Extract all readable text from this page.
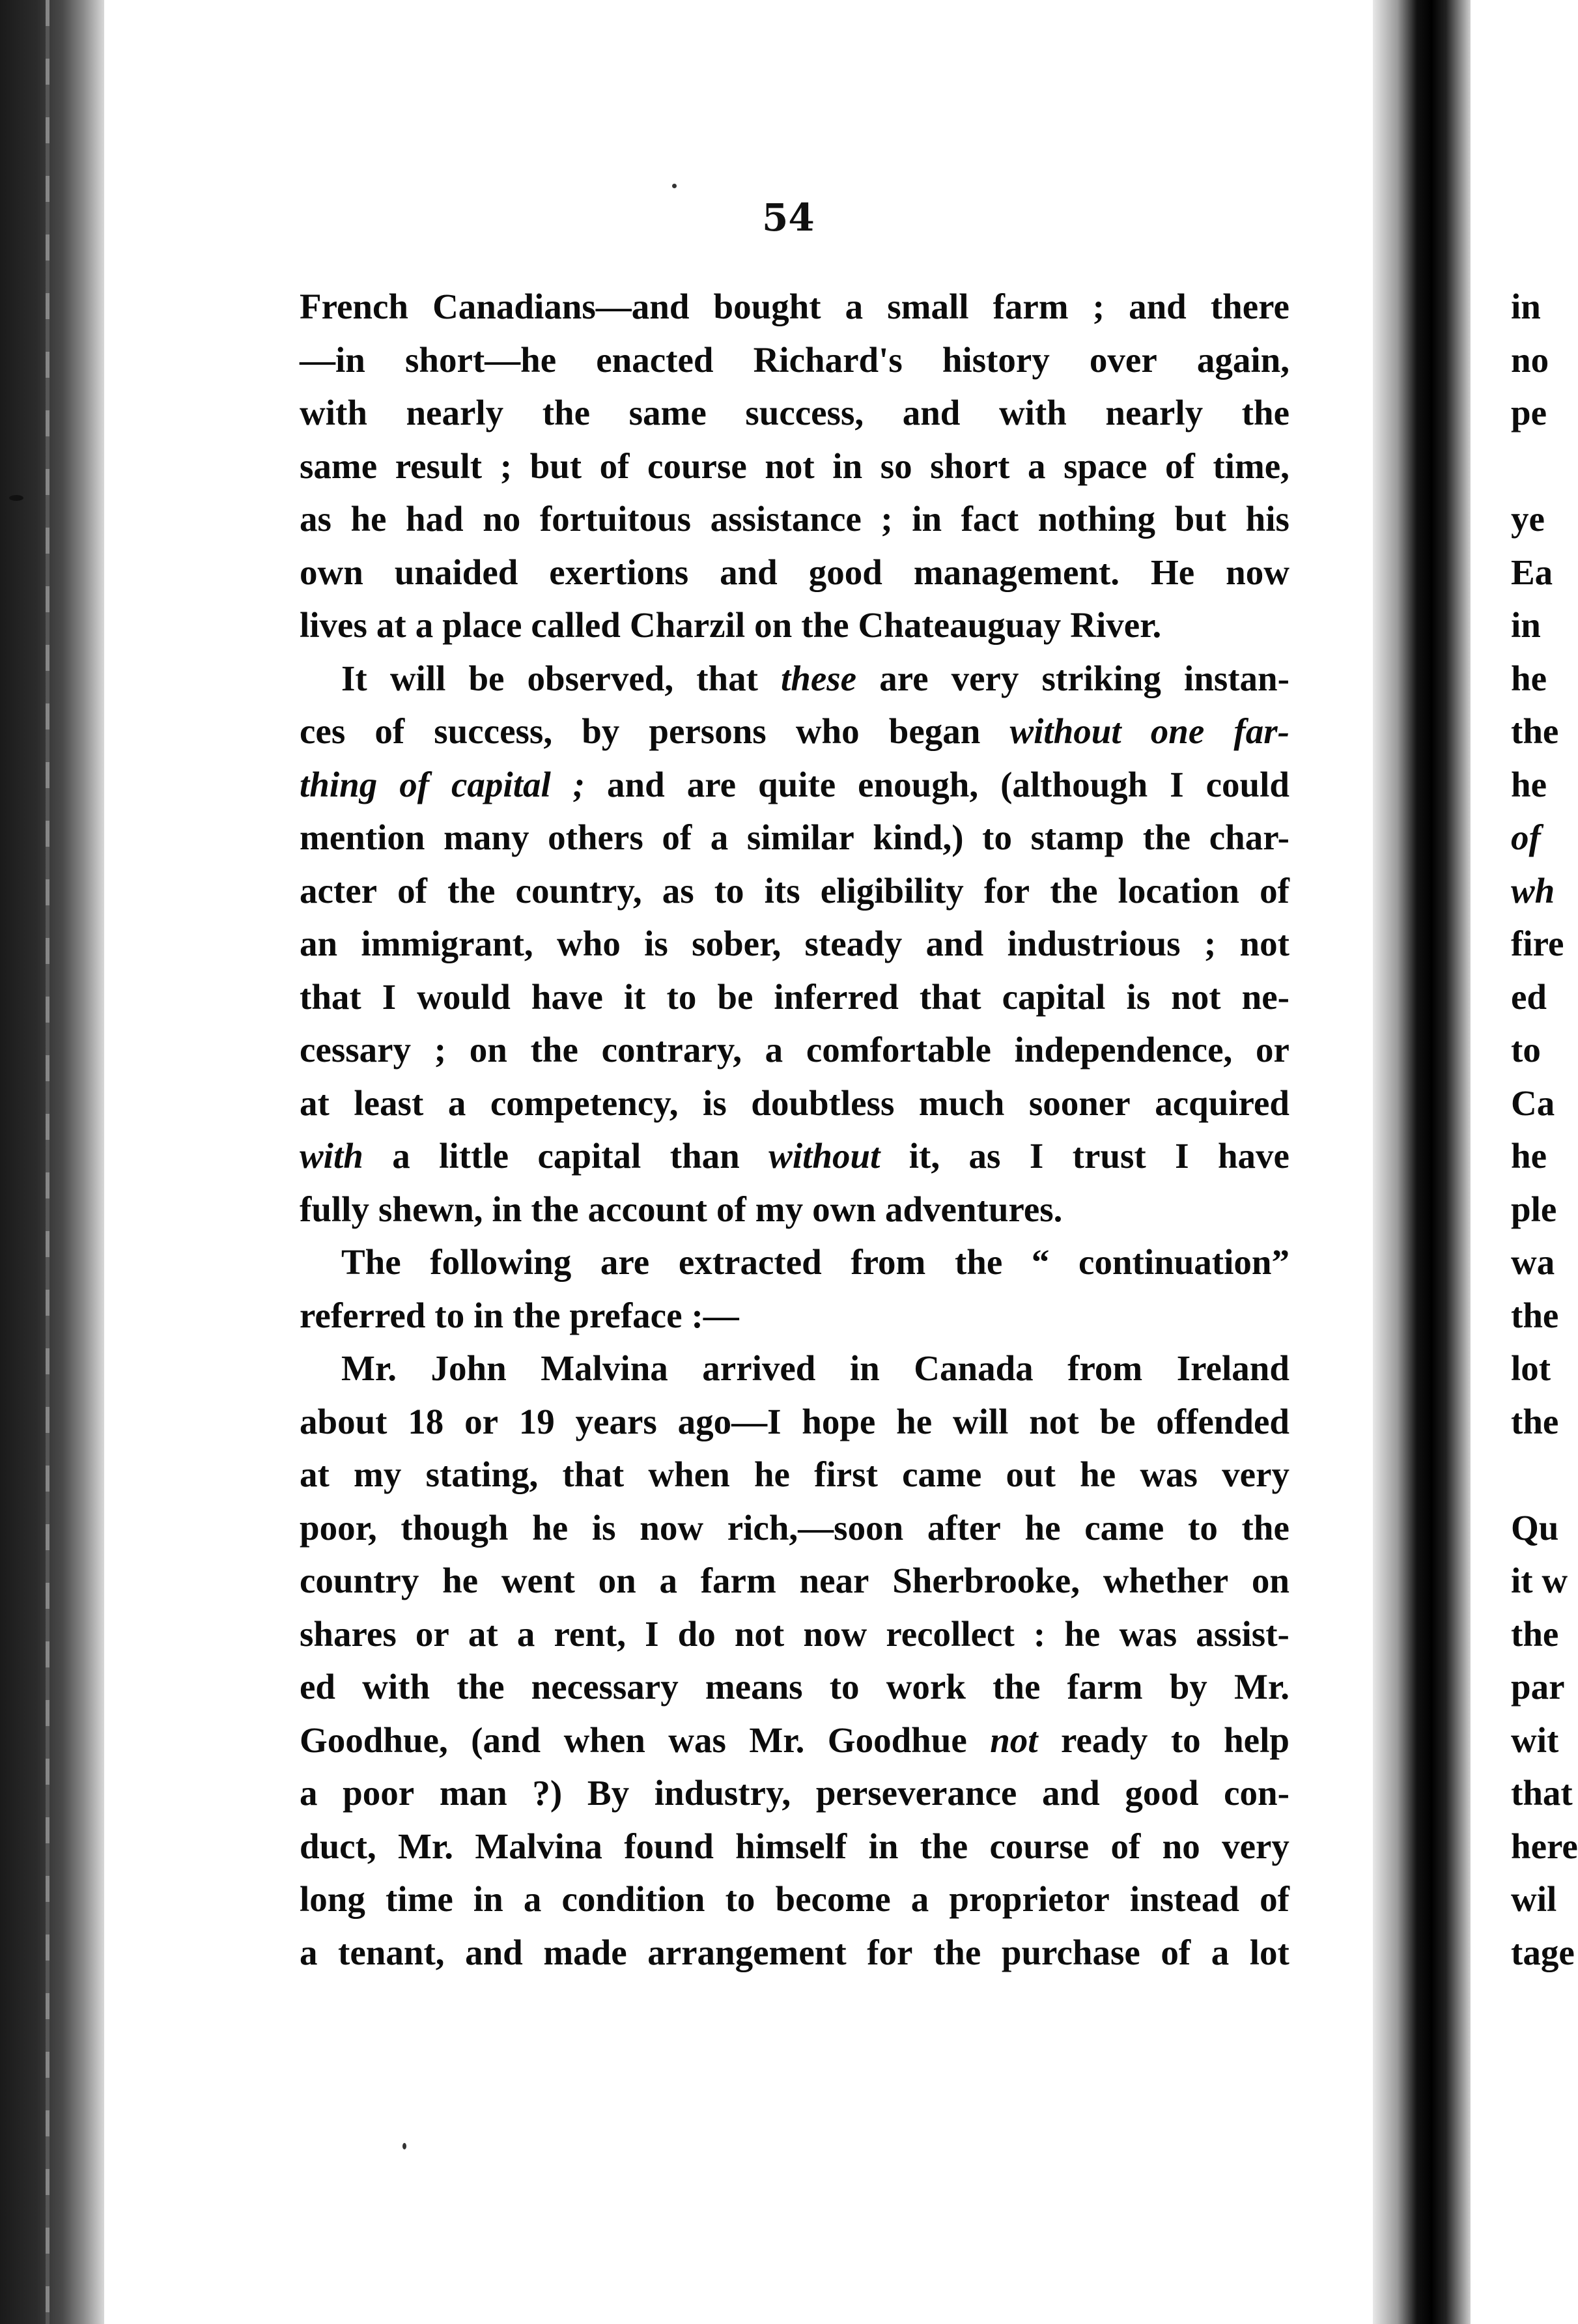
54
French Canadians—and bought a small farm ; and there
—in short—he enacted Richard's history over again,
with nearly the same success, and with nearly the
same result ; but of course not in so short a space of time,
as he had no fortuitous assistance ; in fact nothing but his
own unaided exertions and good management. He now
lives at a place called Charzil on the Chateauguay River.
It will be observed, that these are very striking instan-
ces of success, by persons who began without one far-
thing of capital ; and are quite enough, (although I could
mention many others of a similar kind,) to stamp the char-
acter of the country, as to its eligibility for the location of
an immigrant, who is sober, steady and industrious ; not
that I would have it to be inferred that capital is not ne-
cessary ; on the contrary, a comfortable independence, or
at least a competency, is doubtless much sooner acquired
with a little capital than without it, as I trust I have
fully shewn, in the account of my own adventures.
The following are extracted from the “ continuation”
referred to in the preface :—
Mr. John Malvina arrived in Canada from Ireland
about 18 or 19 years ago—I hope he will not be offended
at my stating, that when he first came out he was very
poor, though he is now rich,—soon after he came to the
country he went on a farm near Sherbrooke, whether on
shares or at a rent, I do not now recollect : he was assist-
ed with the necessary means to work the farm by Mr.
Goodhue, (and when was Mr. Goodhue not ready to help
a poor man ?) By industry, perseverance and good con-
duct, Mr. Malvina found himself in the course of no very
long time in a condition to become a proprietor instead of
a tenant, and made arrangement for the purchase of a lot
in
no
pe
ye
Ea
in
he
the
he
of
wh
fire
ed
to
Ca
he
ple
wa
the
lot
the
Qu
it w
the
par
wit
that
here
wil
tage
